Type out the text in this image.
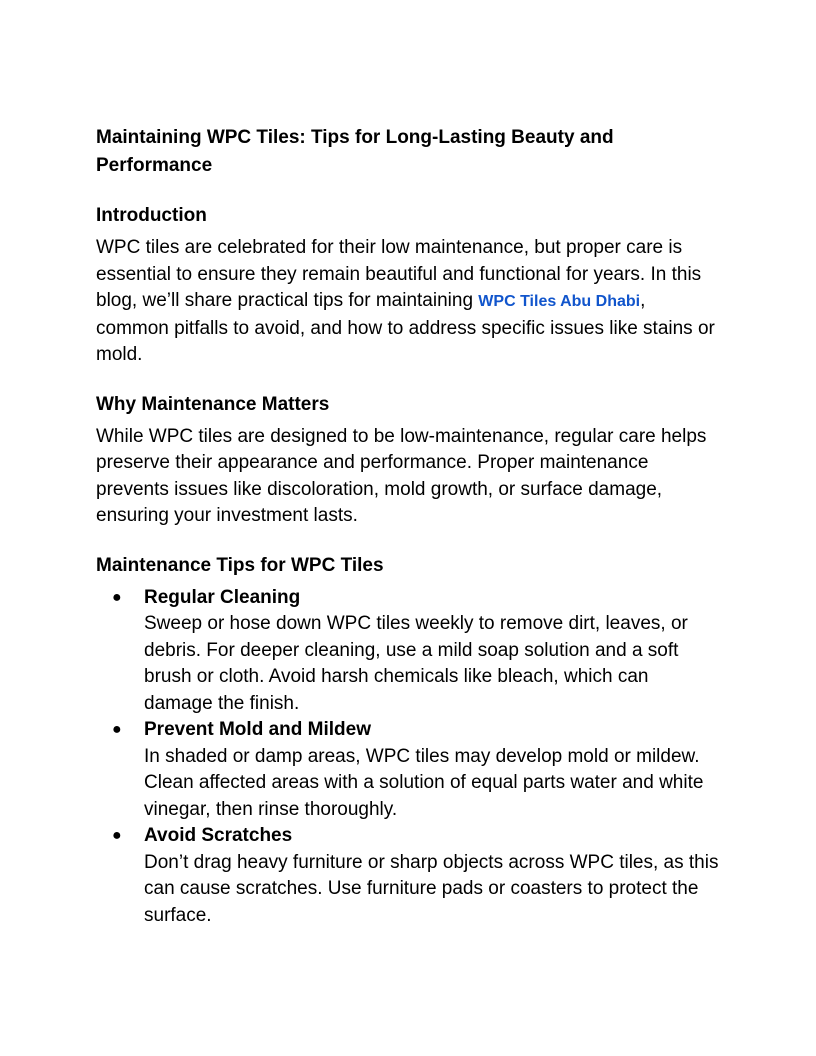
Maintaining WPC Tiles: Tips for Long-Lasting Beauty and Performance
Introduction

WPC tiles are celebrated for their low maintenance, but proper care is essential to ensure they remain beautiful and functional for years. In this blog, we’ll share practical tips for maintaining WPC Tiles Abu Dhabi, common pitfalls to avoid, and how to address specific issues like stains or mold.

Why Maintenance Matters

While WPC tiles are designed to be low-maintenance, regular care helps preserve their appearance and performance. Proper maintenance prevents issues like discoloration, mold growth, or surface damage, ensuring your investment lasts.

Maintenance Tips for WPC Tiles
● Regular Cleaning
Sweep or hose down WPC tiles weekly to remove dirt, leaves, or debris. For deeper cleaning, use a mild soap solution and a soft brush or cloth. Avoid harsh chemicals like bleach, which can damage the finish.
● Prevent Mold and Mildew
In shaded or damp areas, WPC tiles may develop mold or mildew. Clean affected areas with a solution of equal parts water and white vinegar, then rinse thoroughly.
● Avoid Scratches
Don’t drag heavy furniture or sharp objects across WPC tiles, as this can cause scratches. Use furniture pads or coasters to protect the surface.
